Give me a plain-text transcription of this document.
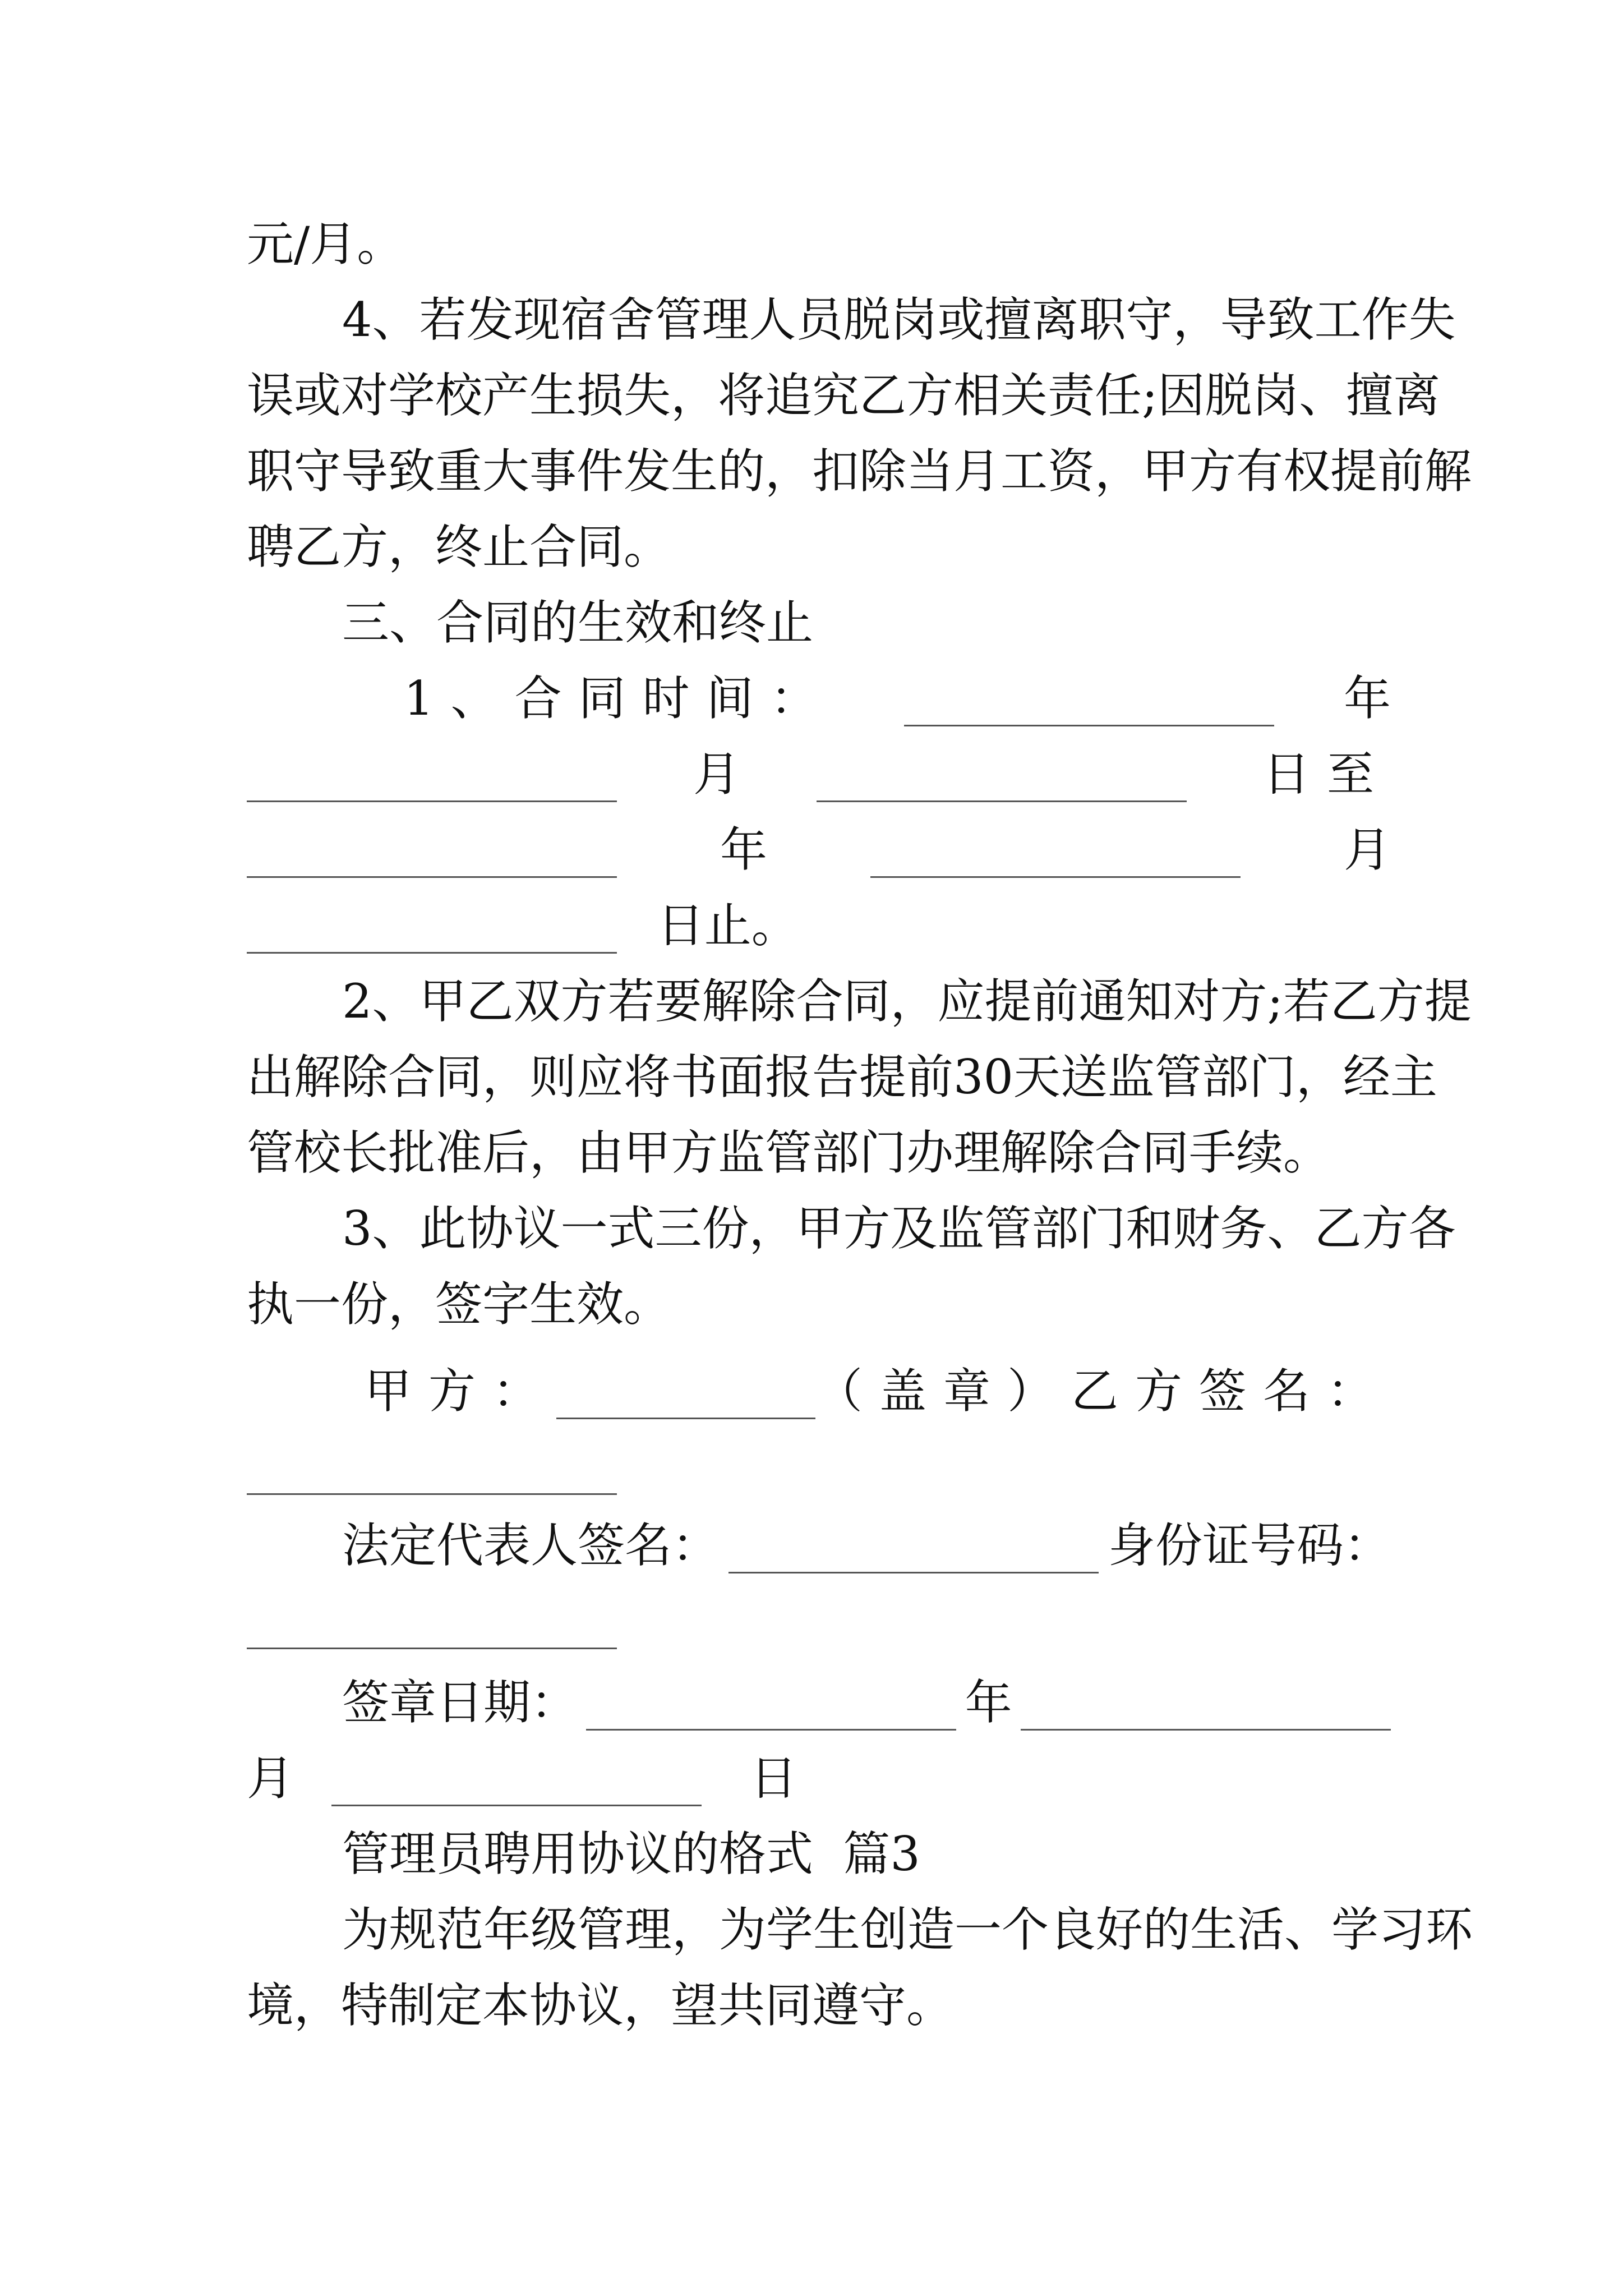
元/月。
4、若发现宿舍管理人员脱岗或擅离职守，导致工作失
误或对学校产生损失，将追究乙方相关责任;因脱岗、擅离
职守导致重大事件发生的，扣除当月工资，甲方有权提前解
聘乙方，终止合同。
三、合同的生效和终止
1、合同时间：	年
月	日至
年	月
日止。
2、甲乙双方若要解除合同，应提前通知对方;若乙方提
出解除合同，则应将书面报告提前30天送监管部门，经主
管校长批准后，由甲方监管部门办理解除合同手续。
3、此协议一式三份，甲方及监管部门和财务、乙方各
执一份，签字生效。
甲方：	（盖章）乙方签名：
法定代表人签名：	身份证号码：
签章日期：	年
月	日
管理员聘用协议的格式  篇3
为规范年级管理，为学生创造一个良好的生活、学习环
境，特制定本协议，望共同遵守。
